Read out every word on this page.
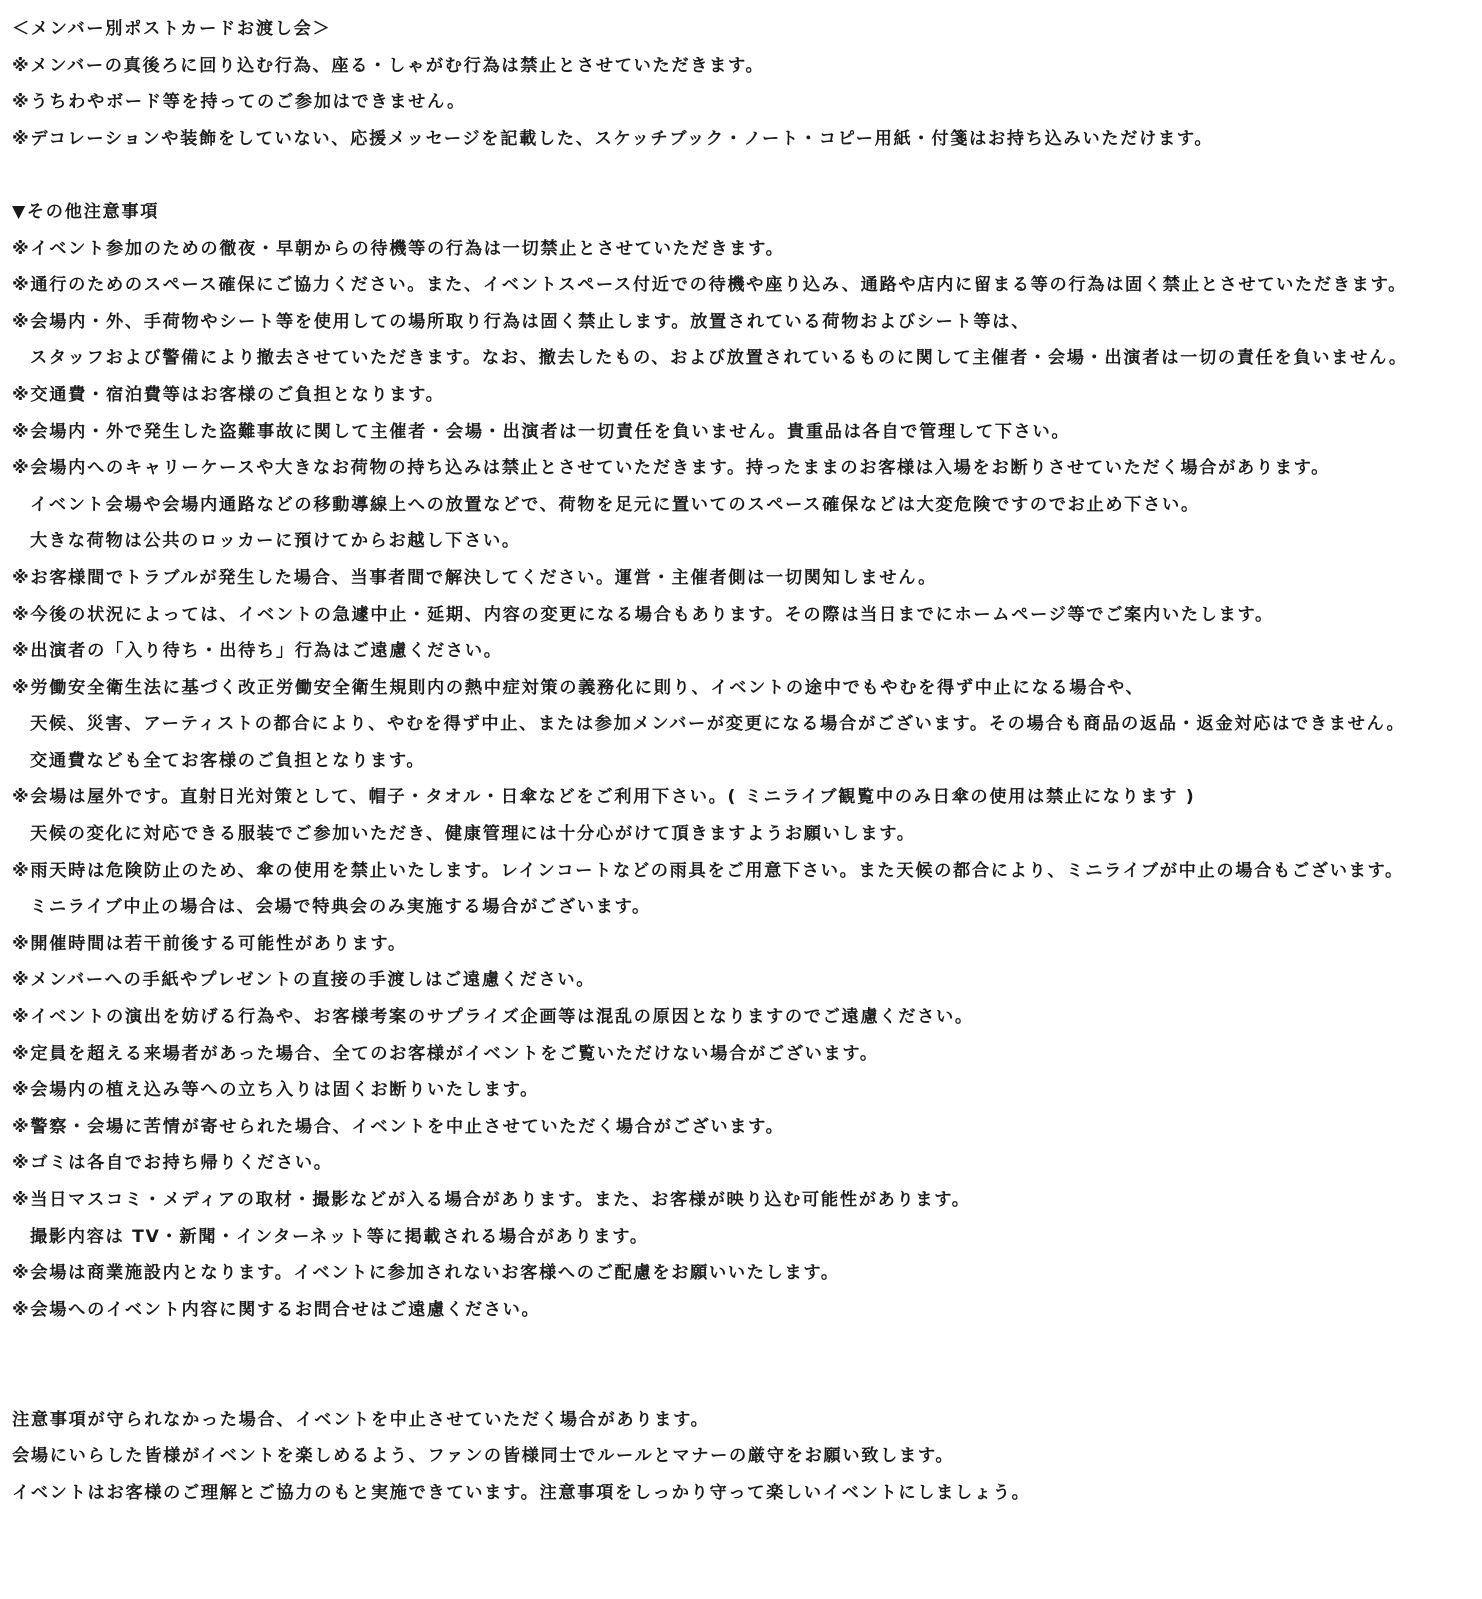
＜メンバー別ポストカードお渡し会＞
※メンバーの真後ろに回り込む行為、座る・しゃがむ行為は禁止とさせていただきます。
※うちわやボード等を持ってのご参加はできません。
※デコレーションや装飾をしていない、応援メッセージを記載した、スケッチブック・ノート・コピー用紙・付箋はお持ち込みいただけます。
▼その他注意事項
※イベント参加のための徹夜・早朝からの待機等の行為は一切禁止とさせていただきます。
※通行のためのスペース確保にご協力ください。また、イベントスペース付近での待機や座り込み、通路や店内に留まる等の行為は固く禁止とさせていただきます。
※会場内・外、手荷物やシート等を使用しての場所取り行為は固く禁止します。放置されている荷物およびシート等は、
スタッフおよび警備により撤去させていただきます。なお、撤去したもの、および放置されているものに関して主催者・会場・出演者は一切の責任を負いません。
※交通費・宿泊費等はお客様のご負担となります。
※会場内・外で発生した盗難事故に関して主催者・会場・出演者は一切責任を負いません。貴重品は各自で管理して下さい。
※会場内へのキャリーケースや大きなお荷物の持ち込みは禁止とさせていただきます。持ったままのお客様は入場をお断りさせていただく場合があります。
イベント会場や会場内通路などの移動導線上への放置などで、荷物を足元に置いてのスペース確保などは大変危険ですのでお止め下さい。
大きな荷物は公共のロッカーに預けてからお越し下さい。
※お客様間でトラブルが発生した場合、当事者間で解決してください。運営・主催者側は一切関知しません。
※今後の状況によっては、イベントの急遽中止・延期、内容の変更になる場合もあります。その際は当日までにホームページ等でご案内いたします。
※出演者の「入り待ち・出待ち」行為はご遠慮ください。
※労働安全衛生法に基づく改正労働安全衛生規則内の熱中症対策の義務化に則り、イベントの途中でもやむを得ず中止になる場合や、
天候、災害、アーティストの都合により、やむを得ず中止、または参加メンバーが変更になる場合がございます。その場合も商品の返品・返金対応はできません。
交通費なども全てお客様のご負担となります。
※会場は屋外です。直射日光対策として、帽子・タオル・日傘などをご利用下さい。( ミニライブ観覧中のみ日傘の使用は禁止になります )
天候の変化に対応できる服装でご参加いただき、健康管理には十分心がけて頂きますようお願いします。
※雨天時は危険防止のため、傘の使用を禁止いたします。レインコートなどの雨具をご用意下さい。また天候の都合により、ミニライブが中止の場合もございます。
ミニライブ中止の場合は、会場で特典会のみ実施する場合がございます。
※開催時間は若干前後する可能性があります。
※メンバーへの手紙やプレゼントの直接の手渡しはご遠慮ください。
※イベントの演出を妨げる行為や、お客様考案のサプライズ企画等は混乱の原因となりますのでご遠慮ください。
※定員を超える来場者があった場合、全てのお客様がイベントをご覧いただけない場合がございます。
※会場内の植え込み等への立ち入りは固くお断りいたします。
※警察・会場に苦情が寄せられた場合、イベントを中止させていただく場合がございます。
※ゴミは各自でお持ち帰りください。
※当日マスコミ・メディアの取材・撮影などが入る場合があります。また、お客様が映り込む可能性があります。
撮影内容は TV・新聞・インターネット等に掲載される場合があります。
※会場は商業施設内となります。イベントに参加されないお客様へのご配慮をお願いいたします。
※会場へのイベント内容に関するお問合せはご遠慮ください。
注意事項が守られなかった場合、イベントを中止させていただく場合があります。
会場にいらした皆様がイベントを楽しめるよう、ファンの皆様同士でルールとマナーの厳守をお願い致します。
イベントはお客様のご理解とご協力のもと実施できています。注意事項をしっかり守って楽しいイベントにしましょう。
